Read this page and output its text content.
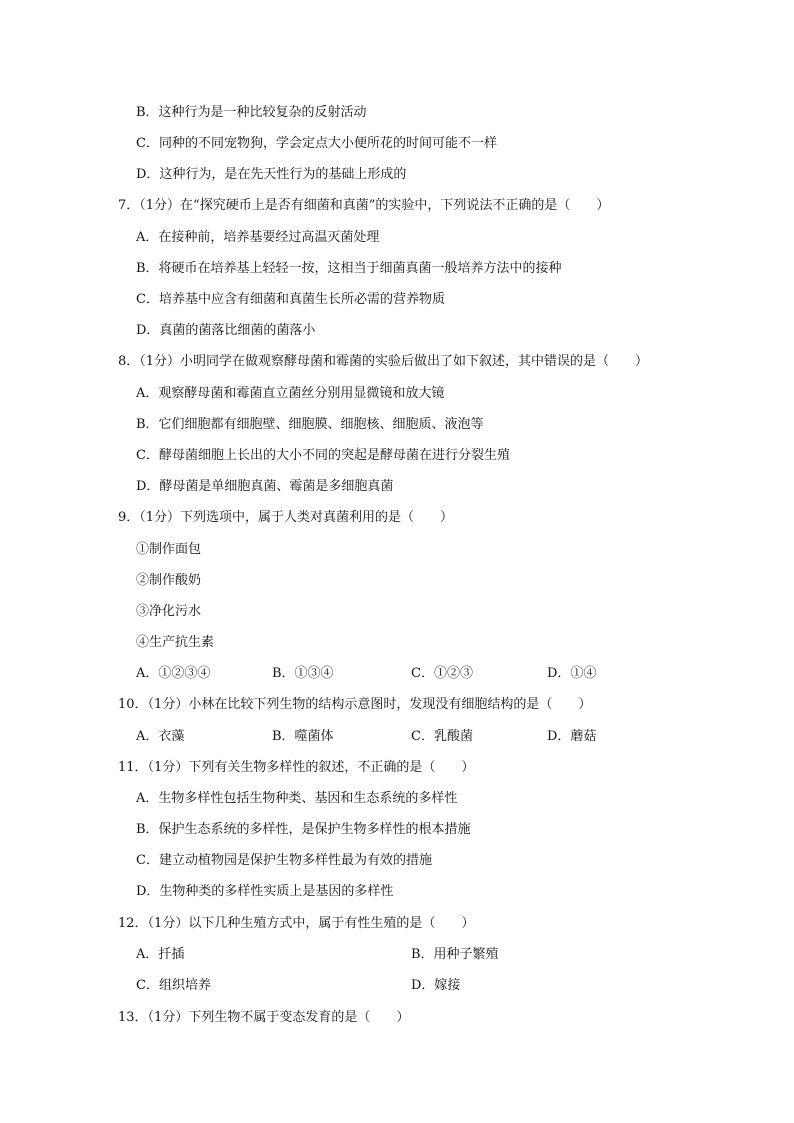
B．这种行为是一种比较复杂的反射活动
C．同种的不同宠物狗，学会定点大小便所花的时间可能不一样
D．这种行为，是在先天性行为的基础上形成的
7．（1分）在“探究硬币上是否有细菌和真菌”的实验中，下列说法不正确的是（　　）
A．在接种前，培养基要经过高温灭菌处理
B．将硬币在培养基上轻轻一按，这相当于细菌真菌一般培养方法中的接种
C．培养基中应含有细菌和真菌生长所必需的营养物质
D．真菌的菌落比细菌的菌落小
8．（1分）小明同学在做观察酵母菌和霉菌的实验后做出了如下叙述，其中错误的是（　　）
A．观察酵母菌和霉菌直立菌丝分别用显微镜和放大镜
B．它们细胞都有细胞壁、细胞膜、细胞核、细胞质、液泡等
C．酵母菌细胞上长出的大小不同的突起是酵母菌在进行分裂生殖
D．酵母菌是单细胞真菌、霉菌是多细胞真菌
9．（1分）下列选项中，属于人类对真菌利用的是（　　）
①制作面包
②制作酸奶
③净化污水
④生产抗生素
A．①②③④	B．①③④	C．①②③	D．①④
10．（1分）小林在比较下列生物的结构示意图时，发现没有细胞结构的是（　　）
A．衣藻	B．噬菌体	C．乳酸菌	D．蘑菇
11．（1分）下列有关生物多样性的叙述，不正确的是（　　）
A．生物多样性包括生物种类、基因和生态系统的多样性
B．保护生态系统的多样性，是保护生物多样性的根本措施
C．建立动植物园是保护生物多样性最为有效的措施
D．生物种类的多样性实质上是基因的多样性
12．（1分）以下几种生殖方式中，属于有性生殖的是（　　）
A．扦插	B．用种子繁殖
C．组织培养	D．嫁接
13．（1分）下列生物不属于变态发育的是（　　）
